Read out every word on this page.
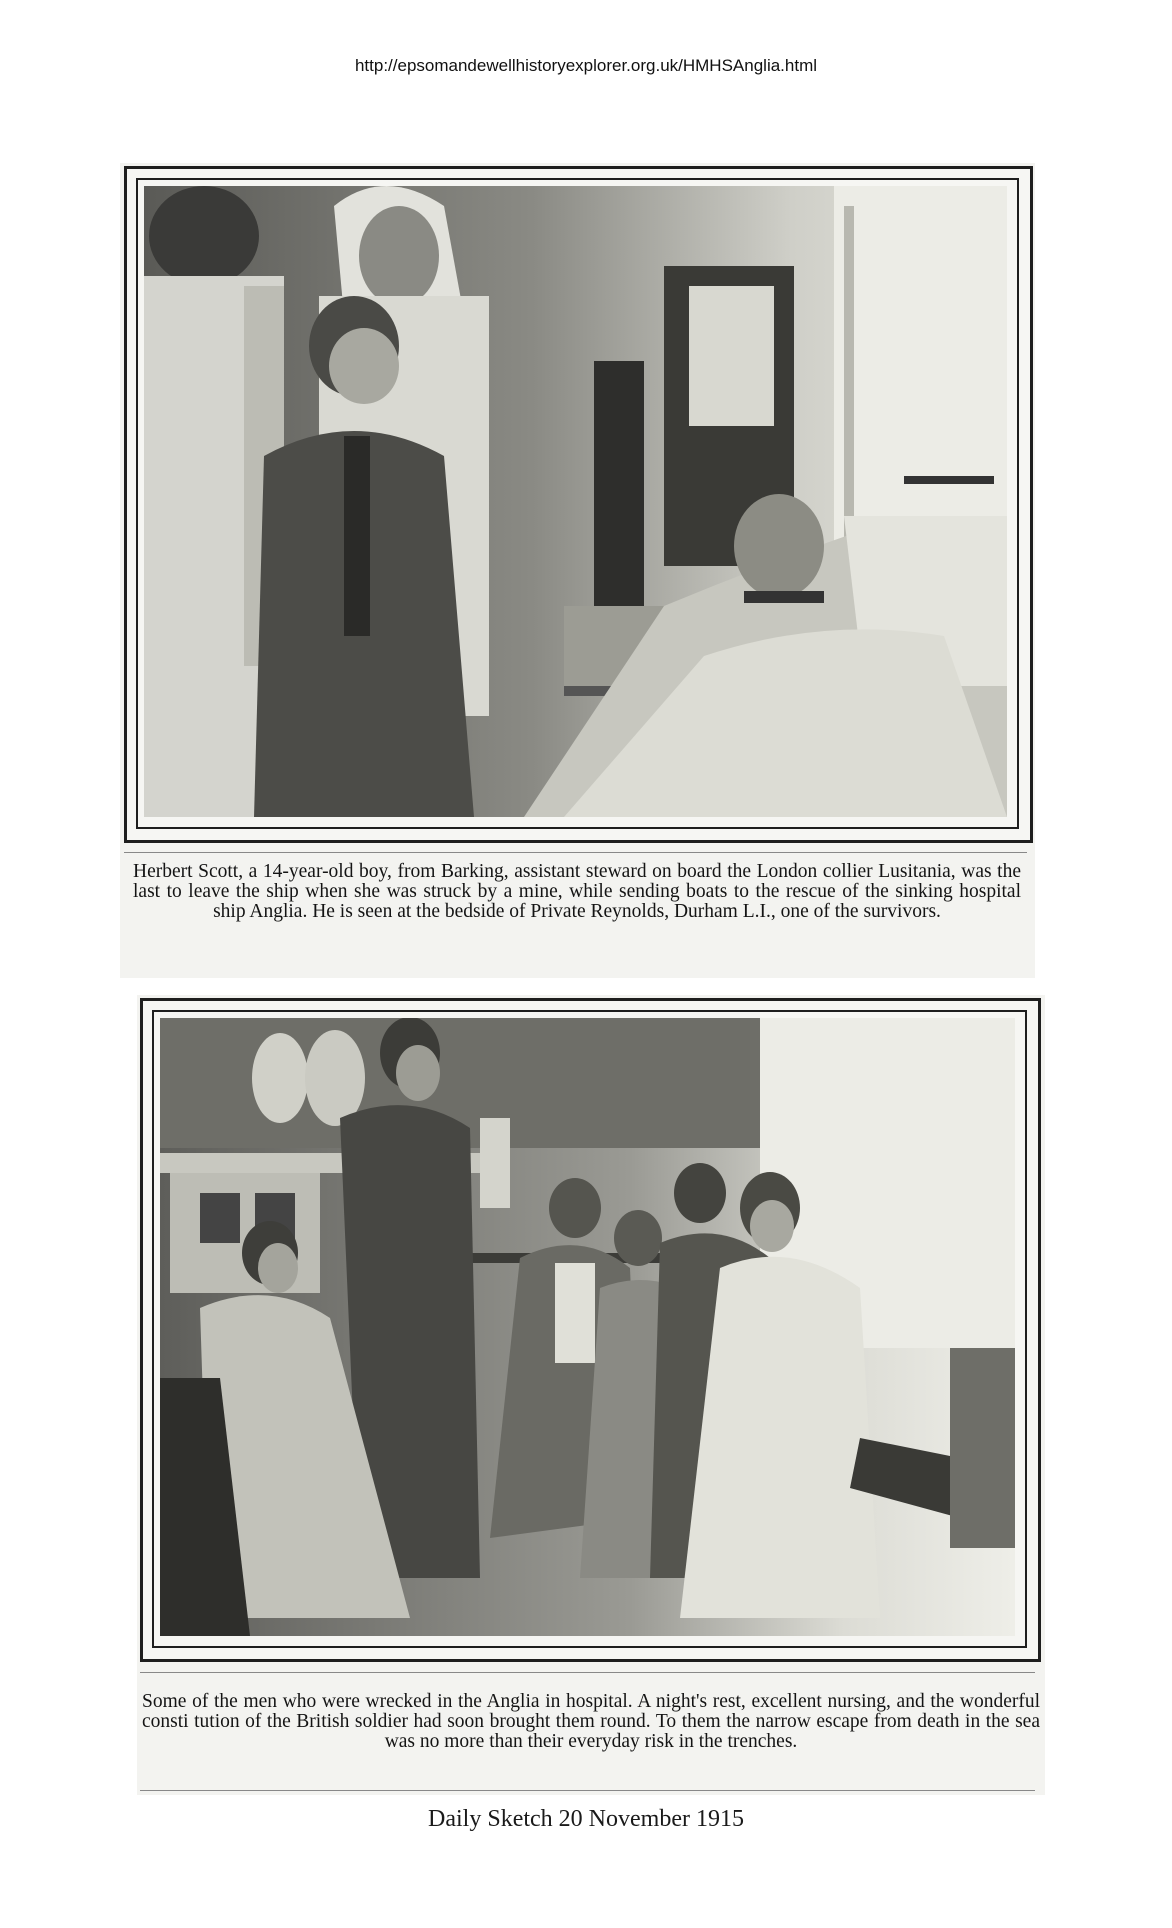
http://epsomandewellhistoryexplorer.org.uk/HMHSAnglia.html
Herbert Scott, a 14-year-old boy, from Barking, assistant steward on board the London collier Lusitania, was the last to leave the ship when she was struck by a mine, while sending boats to the rescue of the sinking hospital ship Anglia. He is seen at the bedside of Private Reynolds, Durham L.I., one of the survivors.
Some of the men who were wrecked in the Anglia in hospital. A night's rest, excellent nursing, and the wonderful consti tution of the British soldier had soon brought them round. To them the narrow escape from death in the sea was no more than their everyday risk in the trenches.
Daily Sketch 20 November 1915
